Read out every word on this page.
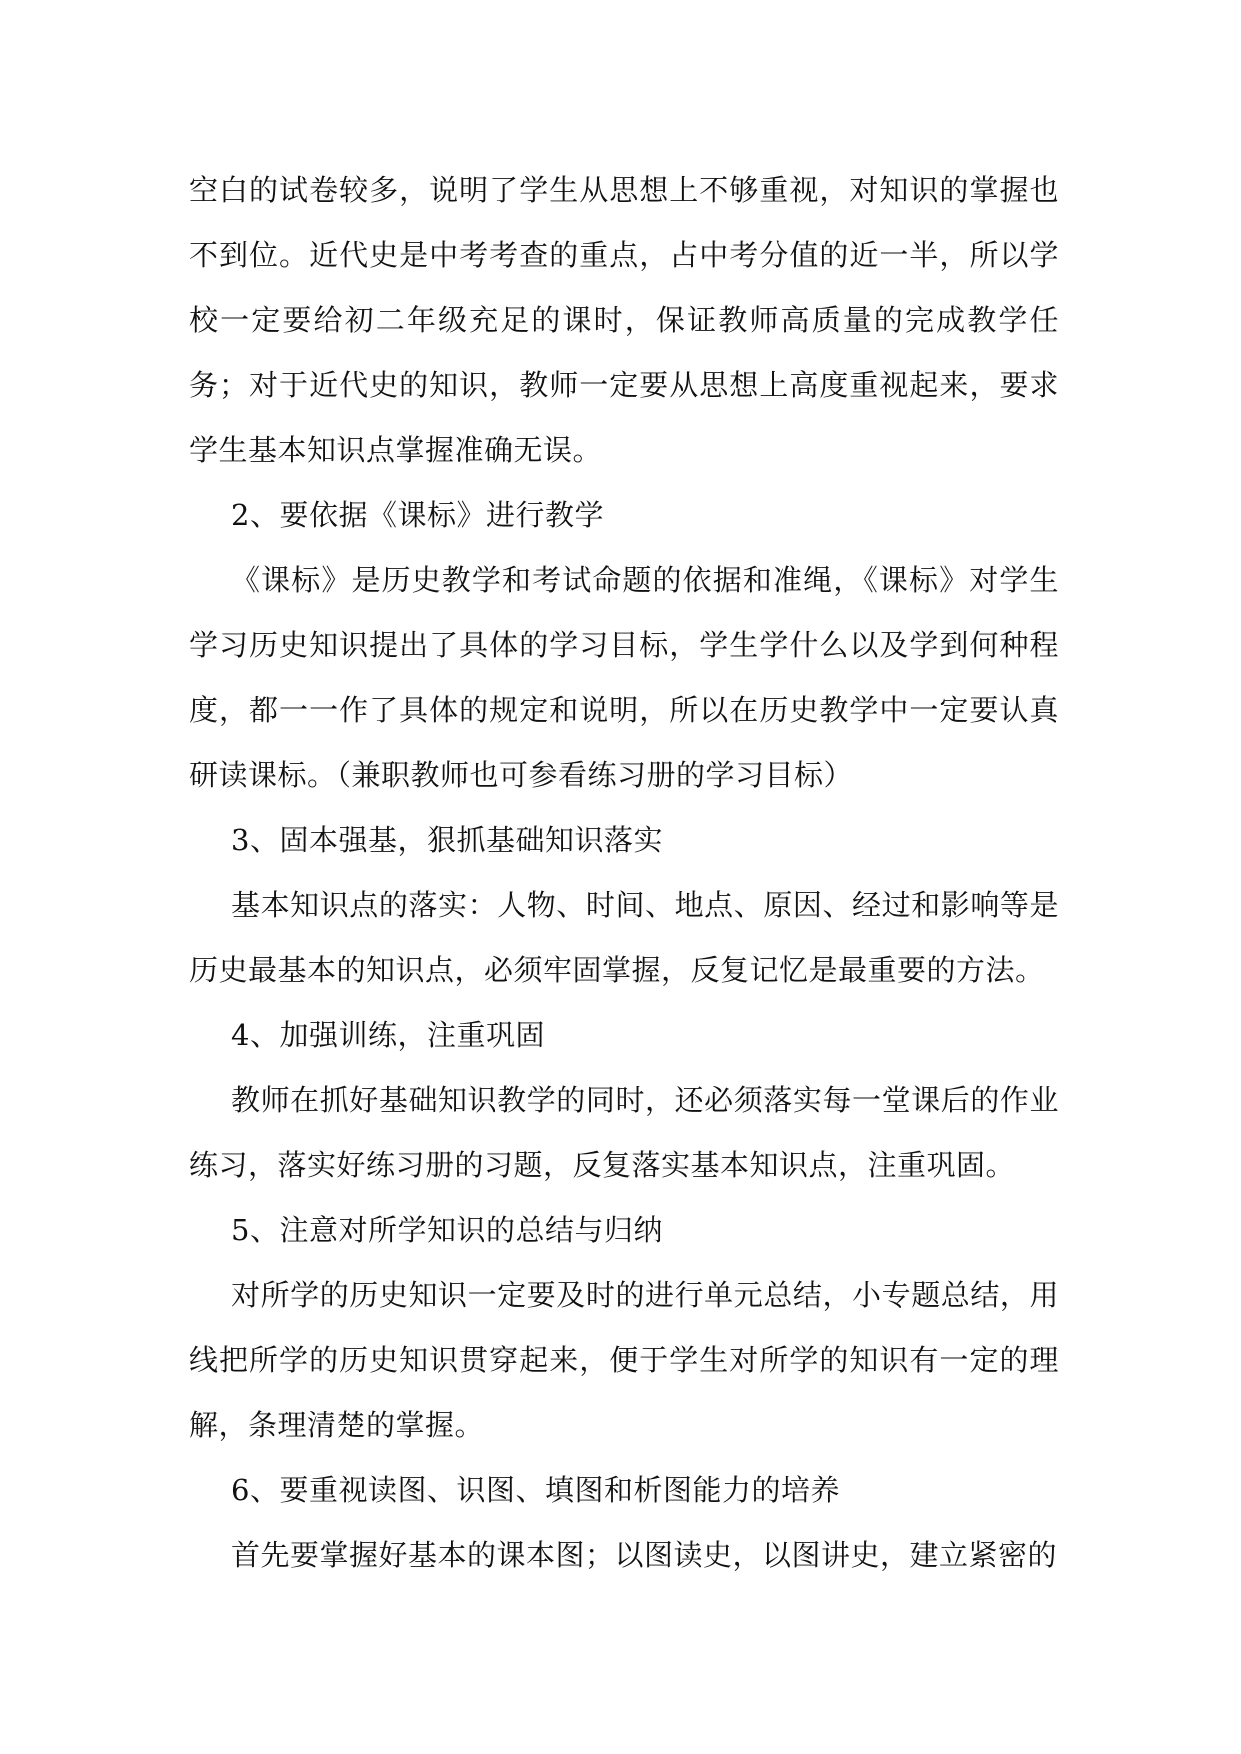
空白的试卷较多，说明了学生从思想上不够重视，对知识的掌握也不到位。近代史是中考考查的重点，占中考分值的近一半，所以学校一定要给初二年级充足的课时，保证教师高质量的完成教学任务；对于近代史的知识，教师一定要从思想上高度重视起来，要求学生基本知识点掌握准确无误。

2、要依据《课标》进行教学

《课标》是历史教学和考试命题的依据和准绳，《课标》对学生学习历史知识提出了具体的学习目标，学生学什么以及学到何种程度，都一一作了具体的规定和说明，所以在历史教学中一定要认真研读课标。（兼职教师也可参看练习册的学习目标）

3、固本强基，狠抓基础知识落实

基本知识点的落实：人物、时间、地点、原因、经过和影响等是历史最基本的知识点，必须牢固掌握，反复记忆是最重要的方法。

4、加强训练，注重巩固

教师在抓好基础知识教学的同时，还必须落实每一堂课后的作业练习，落实好练习册的习题，反复落实基本知识点，注重巩固。

5、注意对所学知识的总结与归纳

对所学的历史知识一定要及时的进行单元总结，小专题总结，用线把所学的历史知识贯穿起来，便于学生对所学的知识有一定的理解，条理清楚的掌握。

6、要重视读图、识图、填图和析图能力的培养

首先要掌握好基本的课本图；以图读史，以图讲史，建立紧密的
